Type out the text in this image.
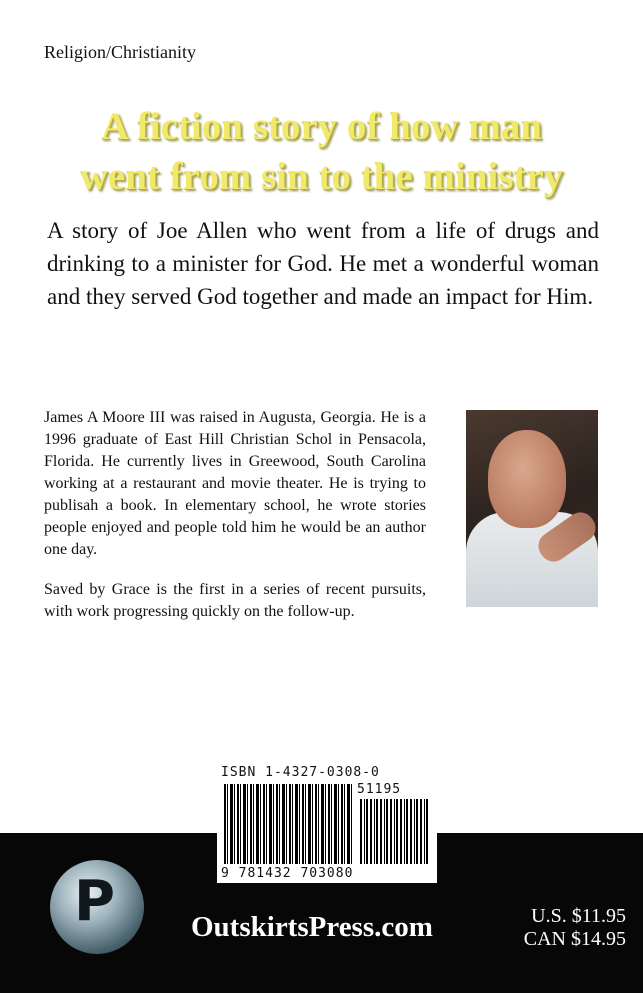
Religion/Christianity
A fiction story of how man
went from sin to the ministry
A story of Joe Allen who went from a life of drugs and drinking to a minister for God. He met a wonderful woman and they served God together and made an impact for Him.

James A Moore III was raised in Augusta, Georgia. He is a 1996 graduate of East Hill Christian Schol in Pensacola, Florida. He currently lives in Greewood, South Carolina working at a restaurant and movie theater. He is trying to publisah a book. In elementary school, he wrote stories people enjoyed and people told him he would be an author one day.

Saved by Grace is the first in a series of recent pursuits, with work progressing quickly on the follow-up.

ISBN 1-4327-0308-0
51195
9 781432 703080
P	OutskirtsPress.com	U.S. $11.95
CAN $14.95
